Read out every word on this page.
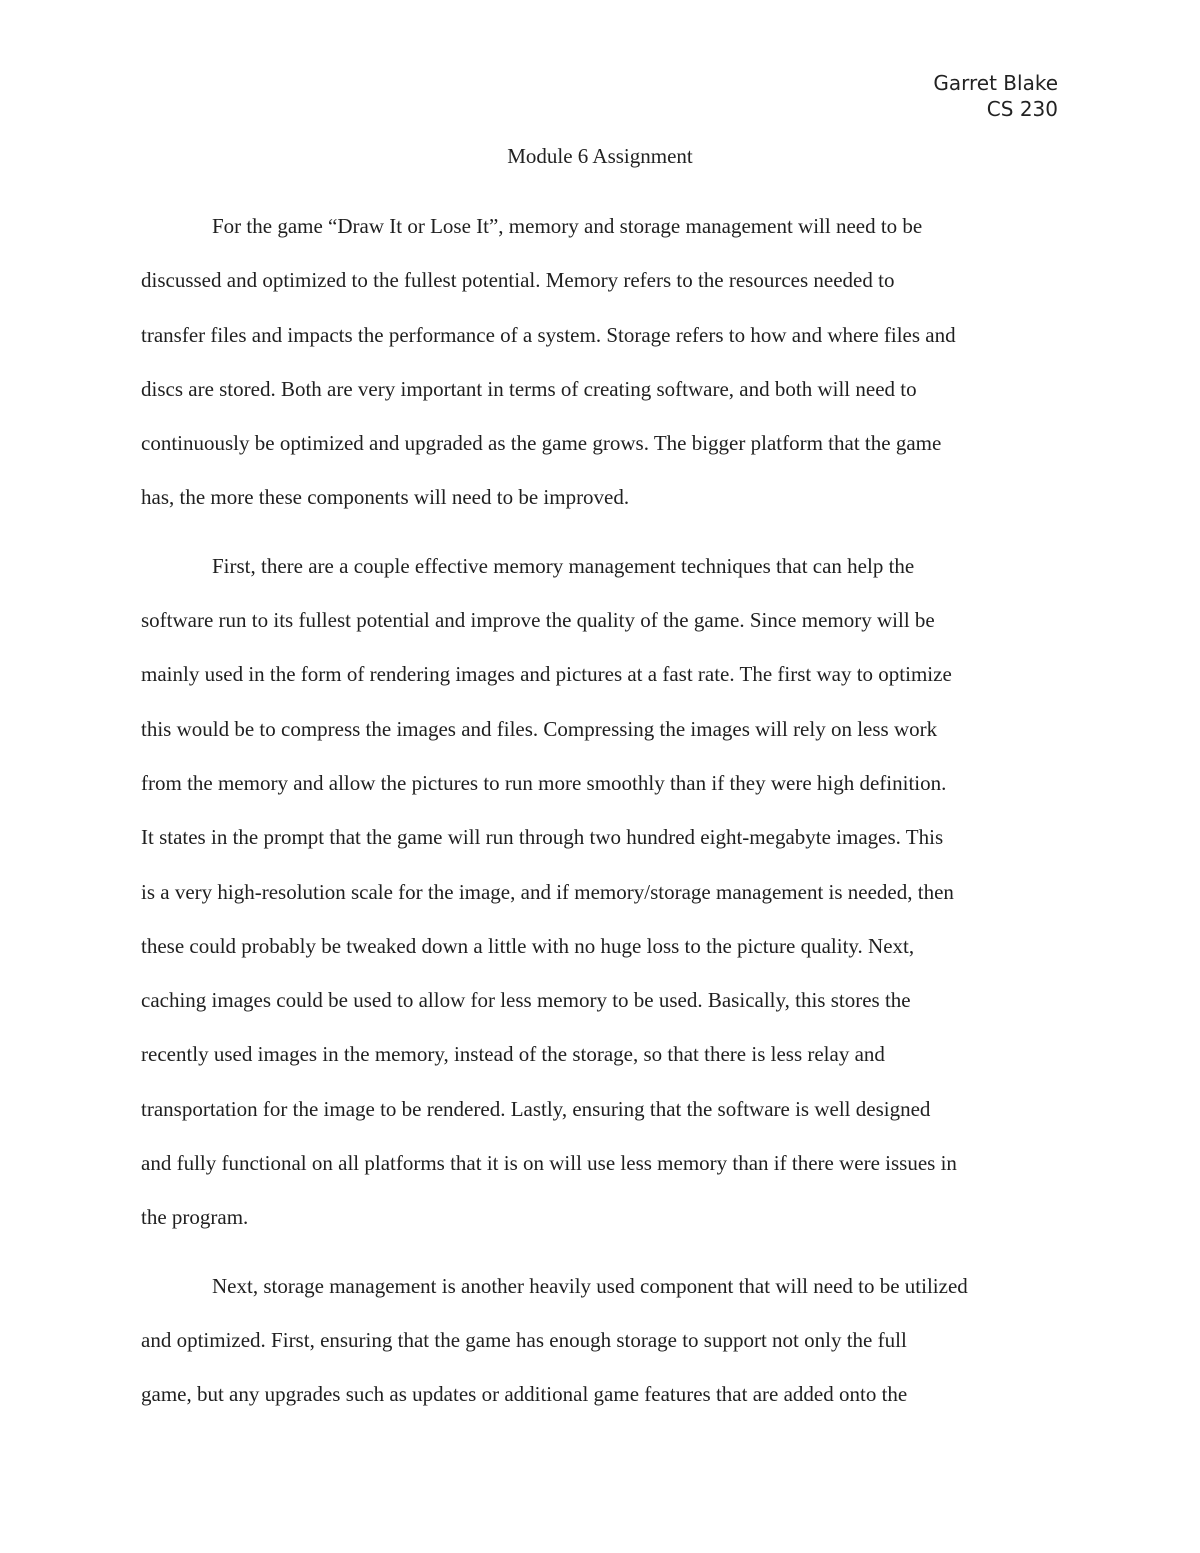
Garret Blake
CS 230
Module 6 Assignment
For the game “Draw It or Lose It”, memory and storage management will need to be
discussed and optimized to the fullest potential. Memory refers to the resources needed to
transfer files and impacts the performance of a system. Storage refers to how and where files and
discs are stored. Both are very important in terms of creating software, and both will need to
continuously be optimized and upgraded as the game grows. The bigger platform that the game
has, the more these components will need to be improved.
First, there are a couple effective memory management techniques that can help the
software run to its fullest potential and improve the quality of the game. Since memory will be
mainly used in the form of rendering images and pictures at a fast rate. The first way to optimize
this would be to compress the images and files. Compressing the images will rely on less work
from the memory and allow the pictures to run more smoothly than if they were high definition.
It states in the prompt that the game will run through two hundred eight-megabyte images. This
is a very high-resolution scale for the image, and if memory/storage management is needed, then
these could probably be tweaked down a little with no huge loss to the picture quality. Next,
caching images could be used to allow for less memory to be used. Basically, this stores the
recently used images in the memory, instead of the storage, so that there is less relay and
transportation for the image to be rendered. Lastly, ensuring that the software is well designed
and fully functional on all platforms that it is on will use less memory than if there were issues in
the program.
Next, storage management is another heavily used component that will need to be utilized
and optimized. First, ensuring that the game has enough storage to support not only the full
game, but any upgrades such as updates or additional game features that are added onto the
